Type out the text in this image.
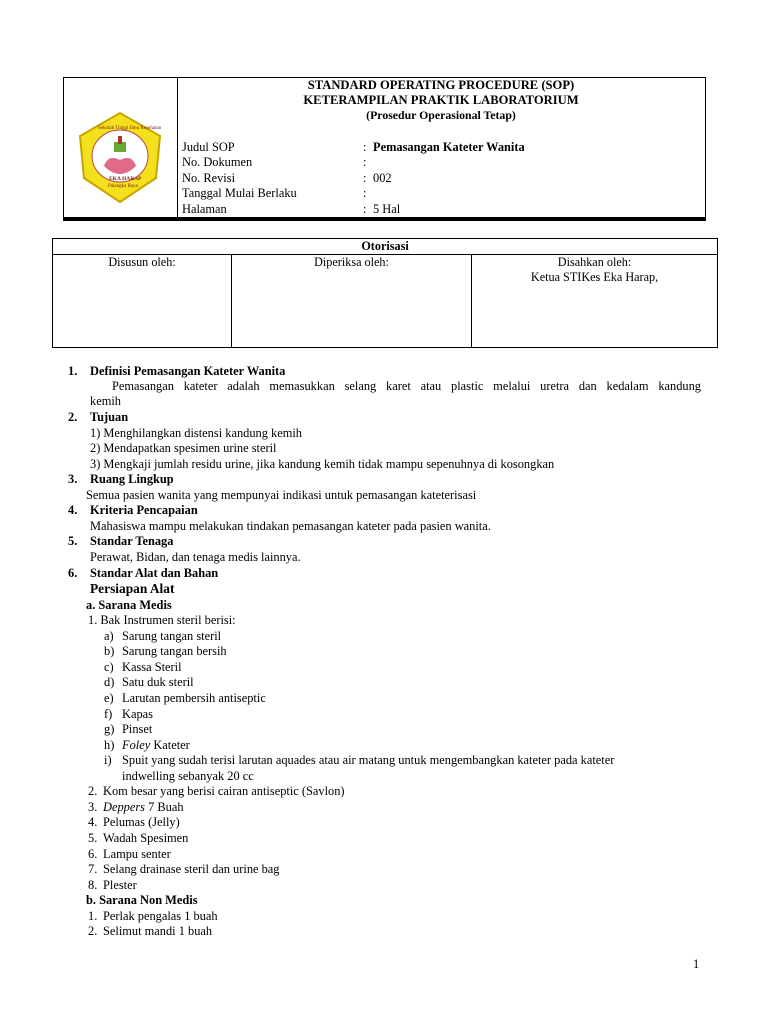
Sekolah Tinggi Ilmu Kesehatan
EKA HARAP
Palangka Raya
STANDARD OPERATING PROCEDURE (SOP)
KETERAMPILAN PRAKTIK LABORATORIUM
(Prosedur Operasional Tetap)
Judul SOP	: Pemasangan Kateter Wanita
No. Dokumen	:
No. Revisi	: 002
Tanggal Mulai Berlaku	:
Halaman	: 5 Hal
Otorisasi
Disusun oleh:	Diperiksa oleh:	Disahkan oleh:
Ketua STIKes Eka Harap,
1. Definisi Pemasangan Kateter Wanita
Pemasangan kateter adalah memasukkan selang karet atau plastic melalui uretra dan kedalam kandung
kemih
2. Tujuan
1) Menghilangkan distensi kandung kemih
2) Mendapatkan spesimen urine steril
3) Mengkaji jumlah residu urine, jika kandung kemih tidak mampu sepenuhnya di kosongkan
3. Ruang Lingkup
Semua pasien wanita yang mempunyai indikasi untuk pemasangan kateterisasi
4. Kriteria Pencapaian
Mahasiswa mampu melakukan tindakan pemasangan kateter pada pasien wanita.
5. Standar Tenaga
Perawat, Bidan, dan tenaga medis lainnya.
6. Standar Alat dan Bahan
Persiapan Alat
a. Sarana Medis
1. Bak Instrumen steril berisi:
a) Sarung tangan steril
b) Sarung tangan bersih
c) Kassa Steril
d) Satu duk steril
e) Larutan pembersih antiseptic
f) Kapas
g) Pinset
h) Foley Kateter
i) Spuit yang sudah terisi larutan aquades atau air matang untuk mengembangkan kateter pada kateter
indwelling sebanyak 20 cc
2. Kom besar yang berisi cairan antiseptic (Savlon)
3. Deppers 7 Buah
4. Pelumas (Jelly)
5. Wadah Spesimen
6. Lampu senter
7. Selang drainase steril dan urine bag
8. Plester
b. Sarana Non Medis
1. Perlak pengalas 1 buah
2. Selimut mandi 1 buah
1
